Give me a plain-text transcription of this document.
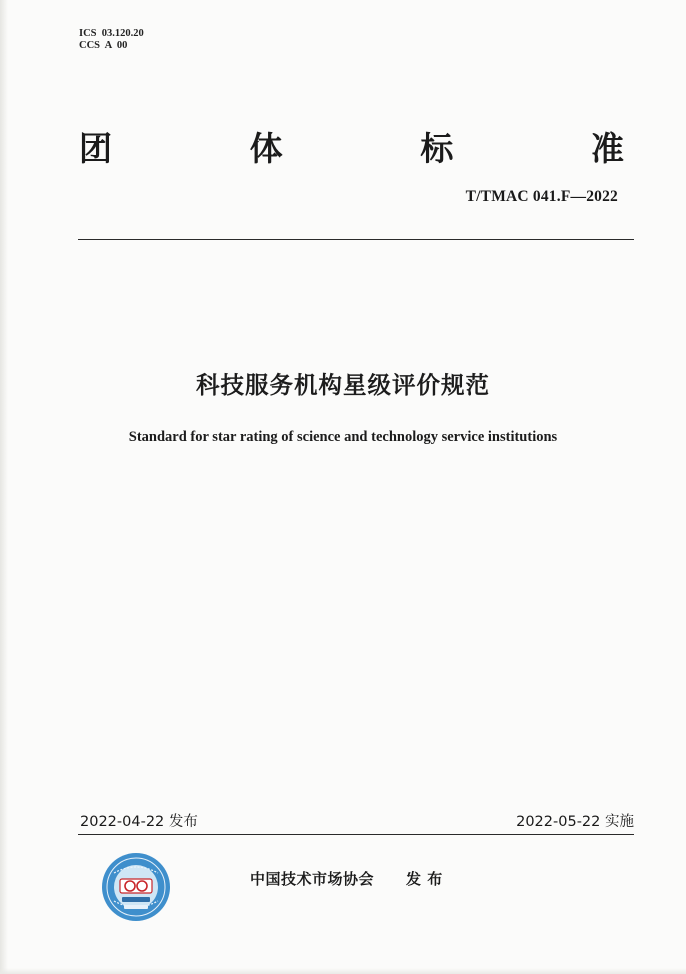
ICS  03.120.20
CCS  A  00
团	体	标	准
T/TMAC 041.F—2022
科技服务机构星级评价规范
Standard for star rating of science and technology service institutions
2022-04-22 发布	2022-05-22 实施
中国技术市场协会 发 布
